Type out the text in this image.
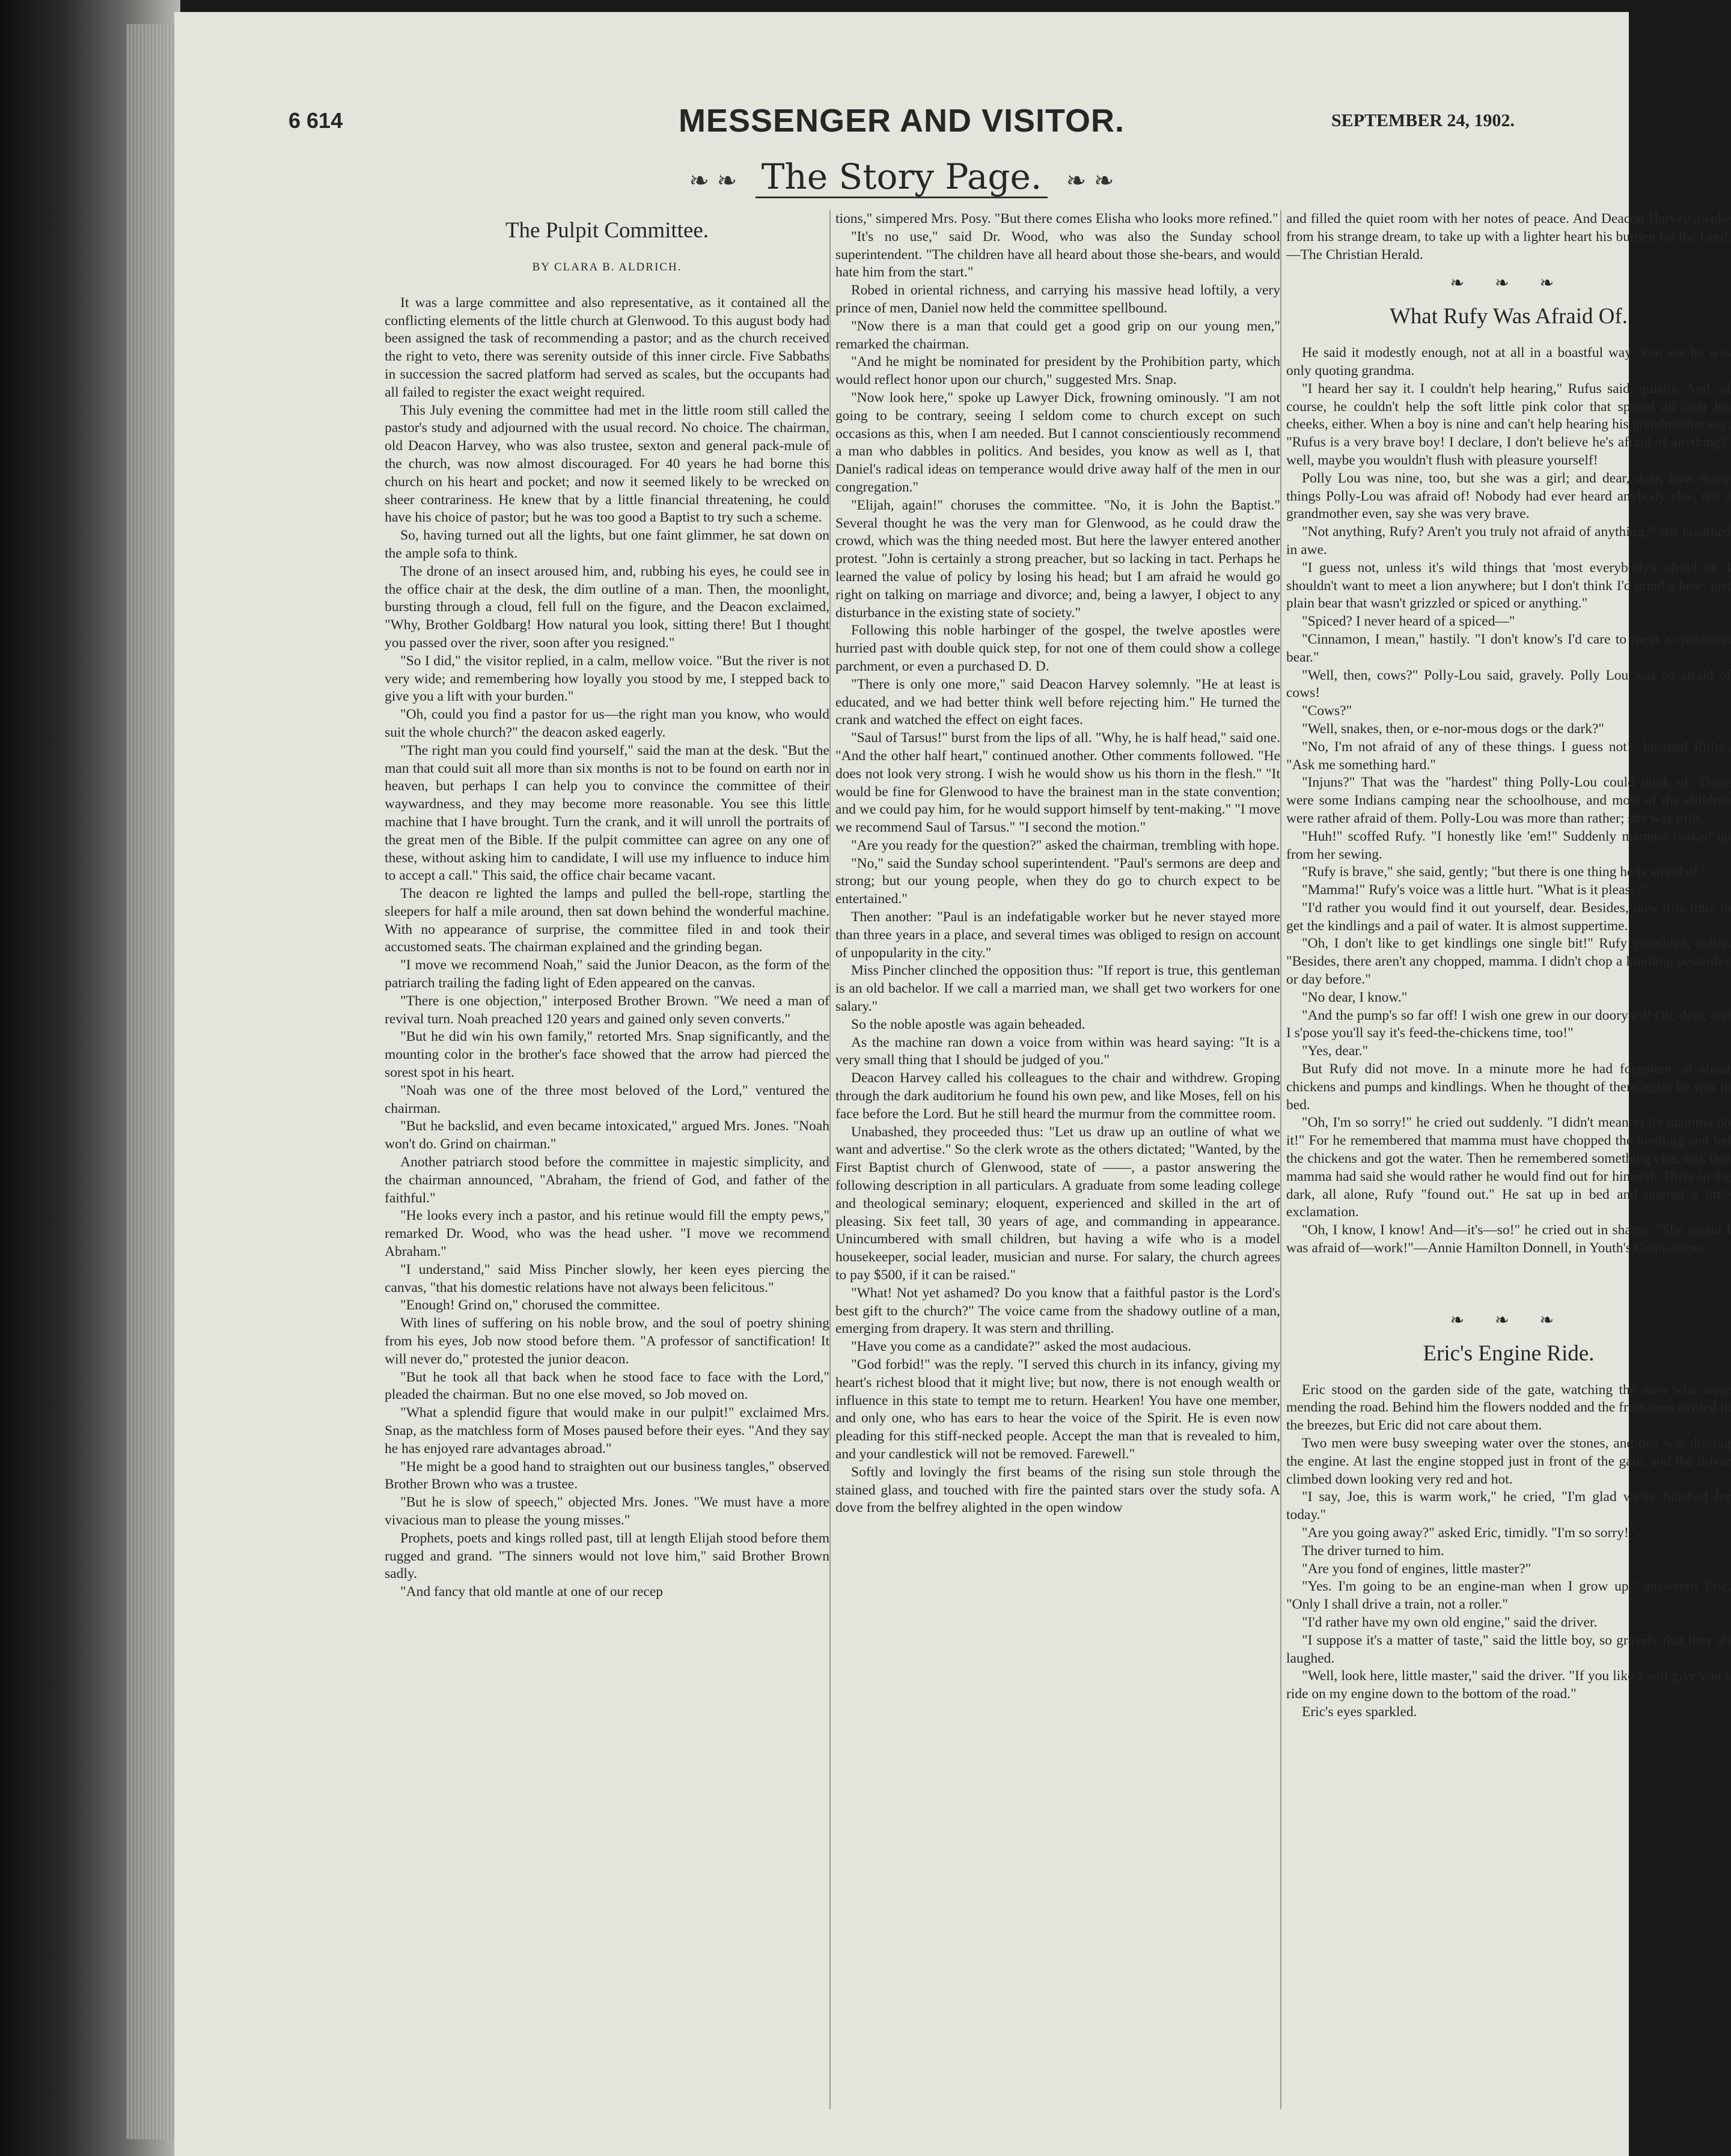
6 614	MESSENGER AND VISITOR.	SEPTEMBER 24, 1902.
❧ ❧ The Story Page. ❧ ❧
The Pulpit Committee.
BY CLARA B. ALDRICH.

It was a large committee and also representative, as it contained all the conflicting elements of the little church at Glenwood. To this august body had been assigned the task of recommending a pastor; and as the church received the right to veto, there was serenity outside of this inner circle. Five Sabbaths in succession the sacred platform had served as scales, but the occupants had all failed to register the exact weight required.

This July evening the committee had met in the little room still called the pastor's study and adjourned with the usual record. No choice. The chairman, old Deacon Harvey, who was also trustee, sexton and general pack-mule of the church, was now almost discouraged. For 40 years he had borne this church on his heart and pocket; and now it seemed likely to be wrecked on sheer contrariness. He knew that by a little financial threatening, he could have his choice of pastor; but he was too good a Baptist to try such a scheme.

So, having turned out all the lights, but one faint glimmer, he sat down on the ample sofa to think.

The drone of an insect aroused him, and, rubbing his eyes, he could see in the office chair at the desk, the dim outline of a man. Then, the moonlight, bursting through a cloud, fell full on the figure, and the Deacon exclaimed, "Why, Brother Goldbarg! How natural you look, sitting there! But I thought you passed over the river, soon after you resigned."

"So I did," the visitor replied, in a calm, mellow voice. "But the river is not very wide; and remembering how loyally you stood by me, I stepped back to give you a lift with your burden."

"Oh, could you find a pastor for us—the right man you know, who would suit the whole church?" the deacon asked eagerly.

"The right man you could find yourself," said the man at the desk. "But the man that could suit all more than six months is not to be found on earth nor in heaven, but perhaps I can help you to convince the committee of their waywardness, and they may become more reasonable. You see this little machine that I have brought. Turn the crank, and it will unroll the portraits of the great men of the Bible. If the pulpit committee can agree on any one of these, without asking him to candidate, I will use my influence to induce him to accept a call." This said, the office chair became vacant.

The deacon re lighted the lamps and pulled the bell-rope, startling the sleepers for half a mile around, then sat down behind the wonderful machine. With no appearance of surprise, the committee filed in and took their accustomed seats. The chairman explained and the grinding began.

"I move we recommend Noah," said the Junior Deacon, as the form of the patriarch trailing the fading light of Eden appeared on the canvas.

"There is one objection," interposed Brother Brown. "We need a man of revival turn. Noah preached 120 years and gained only seven converts."

"But he did win his own family," retorted Mrs. Snap significantly, and the mounting color in the brother's face showed that the arrow had pierced the sorest spot in his heart.

"Noah was one of the three most beloved of the Lord," ventured the chairman.

"But he backslid, and even became intoxicated," argued Mrs. Jones. "Noah won't do. Grind on chairman."

Another patriarch stood before the committee in majestic simplicity, and the chairman announced, "Abraham, the friend of God, and father of the faithful."

"He looks every inch a pastor, and his retinue would fill the empty pews," remarked Dr. Wood, who was the head usher. "I move we recommend Abraham."

"I understand," said Miss Pincher slowly, her keen eyes piercing the canvas, "that his domestic relations have not always been felicitous."

"Enough! Grind on," chorused the committee.

With lines of suffering on his noble brow, and the soul of poetry shining from his eyes, Job now stood before them. "A professor of sanctification! It will never do," protested the junior deacon.

"But he took all that back when he stood face to face with the Lord," pleaded the chairman. But no one else moved, so Job moved on.

"What a splendid figure that would make in our pulpit!" exclaimed Mrs. Snap, as the matchless form of Moses paused before their eyes. "And they say he has enjoyed rare advantages abroad."

"He might be a good hand to straighten out our business tangles," observed Brother Brown who was a trustee.

"But he is slow of speech," objected Mrs. Jones. "We must have a more vivacious man to please the young misses."

Prophets, poets and kings rolled past, till at length Elijah stood before them rugged and grand. "The sinners would not love him," said Brother Brown sadly.

"And fancy that old mantle at one of our recep

tions," simpered Mrs. Posy. "But there comes Elisha who looks more refined."

"It's no use," said Dr. Wood, who was also the Sunday school superintendent. "The children have all heard about those she-bears, and would hate him from the start."

Robed in oriental richness, and carrying his massive head loftily, a very prince of men, Daniel now held the committee spellbound.

"Now there is a man that could get a good grip on our young men," remarked the chairman.

"And he might be nominated for president by the Prohibition party, which would reflect honor upon our church," suggested Mrs. Snap.

"Now look here," spoke up Lawyer Dick, frowning ominously. "I am not going to be contrary, seeing I seldom come to church except on such occasions as this, when I am needed. But I cannot conscientiously recommend a man who dabbles in politics. And besides, you know as well as I, that Daniel's radical ideas on temperance would drive away half of the men in our congregation."

"Elijah, again!" choruses the committee. "No, it is John the Baptist." Several thought he was the very man for Glenwood, as he could draw the crowd, which was the thing needed most. But here the lawyer entered another protest. "John is certainly a strong preacher, but so lacking in tact. Perhaps he learned the value of policy by losing his head; but I am afraid he would go right on talking on marriage and divorce; and, being a lawyer, I object to any disturbance in the existing state of society."

Following this noble harbinger of the gospel, the twelve apostles were hurried past with double quick step, for not one of them could show a college parchment, or even a purchased D. D.

"There is only one more," said Deacon Harvey solemnly. "He at least is educated, and we had better think well before rejecting him." He turned the crank and watched the effect on eight faces.

"Saul of Tarsus!" burst from the lips of all. "Why, he is half head," said one. "And the other half heart," continued another. Other comments followed. "He does not look very strong. I wish he would show us his thorn in the flesh." "It would be fine for Glenwood to have the brainest man in the state convention; and we could pay him, for he would support himself by tent-making." "I move we recommend Saul of Tarsus." "I second the motion."

"Are you ready for the question?" asked the chairman, trembling with hope.

"No," said the Sunday school superintendent. "Paul's sermons are deep and strong; but our young people, when they do go to church expect to be entertained."

Then another: "Paul is an indefatigable worker but he never stayed more than three years in a place, and several times was obliged to resign on account of unpopularity in the city."

Miss Pincher clinched the opposition thus: "If report is true, this gentleman is an old bachelor. If we call a married man, we shall get two workers for one salary."

So the noble apostle was again beheaded.

As the machine ran down a voice from within was heard saying: "It is a very small thing that I should be judged of you."

Deacon Harvey called his colleagues to the chair and withdrew. Groping through the dark auditorium he found his own pew, and like Moses, fell on his face before the Lord. But he still heard the murmur from the committee room.

Unabashed, they proceeded thus: "Let us draw up an outline of what we want and advertise." So the clerk wrote as the others dictated; "Wanted, by the First Baptist church of Glenwood, state of ——, a pastor answering the following description in all particulars. A graduate from some leading college and theological seminary; eloquent, experienced and skilled in the art of pleasing. Six feet tall, 30 years of age, and commanding in appearance. Unincumbered with small children, but having a wife who is a model housekeeper, social leader, musician and nurse. For salary, the church agrees to pay $500, if it can be raised."

"What! Not yet ashamed? Do you know that a faithful pastor is the Lord's best gift to the church?" The voice came from the shadowy outline of a man, emerging from drapery. It was stern and thrilling.

"Have you come as a candidate?" asked the most audacious.

"God forbid!" was the reply. "I served this church in its infancy, giving my heart's richest blood that it might live; but now, there is not enough wealth or influence in this state to tempt me to return. Hearken! You have one member, and only one, who has ears to hear the voice of the Spirit. He is even now pleading for this stiff-necked people. Accept the man that is revealed to him, and your candlestick will not be removed. Farewell."

Softly and lovingly the first beams of the rising sun stole through the stained glass, and touched with fire the painted stars over the study sofa. A dove from the belfrey alighted in the open window

and filled the quiet room with her notes of peace. And Deacon Harvey awoke from his strange dream, to take up with a lighter heart his burden for the Lord.—The Christian Herald.

❧ ❧ ❧
What Rufy Was Afraid Of.

He said it modestly enough, not at all in a boastful way. You see he was only quoting grandma.

"I heard her say it. I couldn't help hearing," Rufus said, quietly. And, of course, he couldn't help the soft little pink color that spread all over his cheeks, either. When a boy is nine and can't help hearing his grandmother say: "Rufus is a very brave boy! I declare, I don't believe he's afraid of anything!" well, maybe you wouldn't flush with pleasure yourself!

Polly Lou was nine, too, but she was a girl; and dear, dear, how many things Polly-Lou was afraid of! Nobody had ever heard anybody else, not a grandmother even, say she was very brave.

"Not anything, Rufy? Aren't you truly not afraid of anything?" she breathed in awe.

"I guess not, unless it's wild things that 'most everybody's afraid of. I shouldn't want to meet a lion anywhere; but I don't think I'd mind a bear, just plain bear that wasn't grizzled or spiced or anything."

"Spiced? I never heard of a spiced—"

"Cinnamon, I mean," hastily. "I don't know's I'd care to meet a cinnamon bear."

"Well, then, cows?" Polly-Lou said, gravely. Polly Lou was so afraid of cows!

"Cows?"

"Well, snakes, then, or e-nor-mous dogs or the dark?"

"No, I'm not afraid of any of these things. I guess not!" laughed Rufus. "Ask me something hard."

"Injuns?" That was the "hardest" thing Polly-Lou could think of. There were some Indians camping near the schoolhouse, and most of the children were rather afraid of them. Polly-Lou was more than rather; she was truly.

"Huh!" scoffed Rufy. "I honestly like 'em!" Suddenly mamma looked up from her sewing.

"Rufy is brave," she said, gently; "but there is one thing he is afraid of."

"Mamma!" Rufy's voice was a little hurt. "What is it please?"

"I'd rather you would find it out yourself, dear. Besides, now it is time to get the kindlings and a pail of water. It is almost suppertime."

"Oh, I don't like to get kindlings one single bit!" Rufy grumbled, softly. "Besides, there aren't any chopped, mamma. I didn't chop a kindling yesterday or day before."

"No dear, I know."

"And the pump's so far off! I wish one grew in our dooryard! Oh, dear, and I s'pose you'll say it's feed-the-chickens time, too!"

"Yes, dear."

But Rufy did not move. In a minute more he had forgotten all about chickens and pumps and kindlings. When he thought of them again he was in bed.

"Oh, I'm so sorry!" he cried out suddenly. "I didn't mean to let mamma do it!" For he remembered that mamma must have chopped the kindling and fed the chickens and got the water. Then he remembered something else, too, that mamma had said she would rather he would find out for himself. There in the dark, all alone, Rufy "found out." He sat up in bed and uttered a little exclamation.

"Oh, I know, I know! And—it's—so!" he cried out in shame. "She meant I was afraid of—work!"—Annie Hamilton Donnell, in Youth's Companion.

❧ ❧ ❧
Eric's Engine Ride.

Eric stood on the garden side of the gate, watching the men who were mending the road. Behind him the flowers nodded and the fruit-trees rustled in the breezes, but Eric did not care about them.

Two men were busy sweeping water over the stones, and one was driving the engine. At last the engine stopped just in front of the gate, and the driver climbed down looking very red and hot.

"I say, Joe, this is warm work," he cried, "I'm glad we've finished for today."

"Are you going away?" asked Eric, timidly. "I'm so sorry!"

The driver turned to him.

"Are you fond of engines, little master?"

"Yes. I'm going to be an engine-man when I grow up," answered Eric. "Only I shall drive a train, not a roller."

"I'd rather have my own old engine," said the driver.

"I suppose it's a matter of taste," said the little boy, so gravely that they all laughed.

"Well, look here, little master," said the driver. "If you like I will give you a ride on my engine down to the bottom of the road."

Eric's eyes sparkled.
